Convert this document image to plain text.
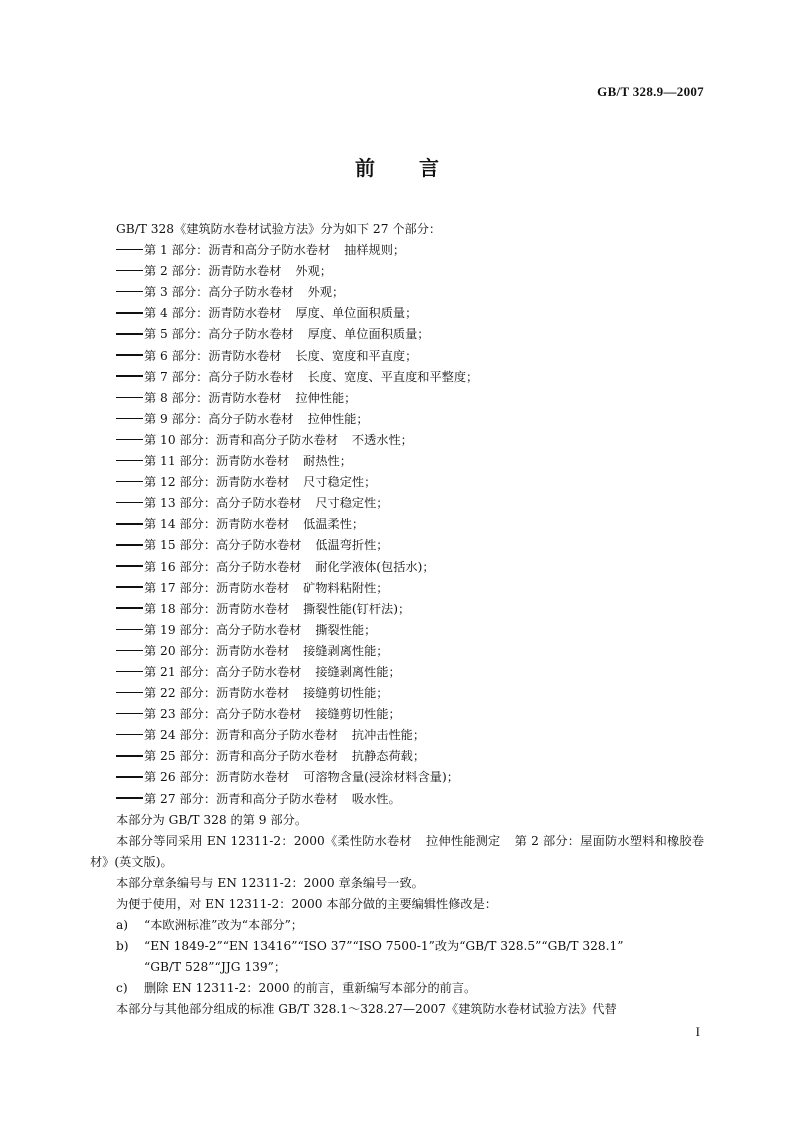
GB/T 328.9—2007
前 言

GB/T 328《建筑防水卷材试验方法》分为如下 27 个部分：

第 1 部分：沥青和高分子防水卷材 抽样规则；

第 2 部分：沥青防水卷材 外观；

第 3 部分：高分子防水卷材 外观；

第 4 部分：沥青防水卷材 厚度、单位面积质量；

第 5 部分：高分子防水卷材 厚度、单位面积质量；

第 6 部分：沥青防水卷材 长度、宽度和平直度；

第 7 部分：高分子防水卷材 长度、宽度、平直度和平整度；

第 8 部分：沥青防水卷材 拉伸性能；

第 9 部分：高分子防水卷材 拉伸性能；

第 10 部分：沥青和高分子防水卷材 不透水性；

第 11 部分：沥青防水卷材 耐热性；

第 12 部分：沥青防水卷材 尺寸稳定性；

第 13 部分：高分子防水卷材 尺寸稳定性；

第 14 部分：沥青防水卷材 低温柔性；

第 15 部分：高分子防水卷材 低温弯折性；

第 16 部分：高分子防水卷材 耐化学液体(包括水)；

第 17 部分：沥青防水卷材 矿物料粘附性；

第 18 部分：沥青防水卷材 撕裂性能(钉杆法)；

第 19 部分：高分子防水卷材 撕裂性能；

第 20 部分：沥青防水卷材 接缝剥离性能；

第 21 部分：高分子防水卷材 接缝剥离性能；

第 22 部分：沥青防水卷材 接缝剪切性能；

第 23 部分：高分子防水卷材 接缝剪切性能；

第 24 部分：沥青和高分子防水卷材 抗冲击性能；

第 25 部分：沥青和高分子防水卷材 抗静态荷载；

第 26 部分：沥青防水卷材 可溶物含量(浸涂材料含量)；

第 27 部分：沥青和高分子防水卷材 吸水性。

本部分为 GB/T 328 的第 9 部分。

本部分等同采用 EN 12311-2：2000《柔性防水卷材 拉伸性能测定 第 2 部分：屋面防水塑料和橡胶卷材》(英文版)。

本部分章条编号与 EN 12311-2：2000 章条编号一致。

为便于使用，对 EN 12311-2：2000 本部分做的主要编辑性修改是：

a) “本欧洲标准”改为“本部分”；
b) “EN 1849-2”“EN 13416”“ISO 37”“ISO 7500-1”改为“GB/T 328.5”“GB/T 328.1”
“GB/T 528”“JJG 139”；
c) 删除 EN 12311-2：2000 的前言，重新编写本部分的前言。

本部分与其他部分组成的标准 GB/T 328.1～328.27—2007《建筑防水卷材试验方法》代替

I
